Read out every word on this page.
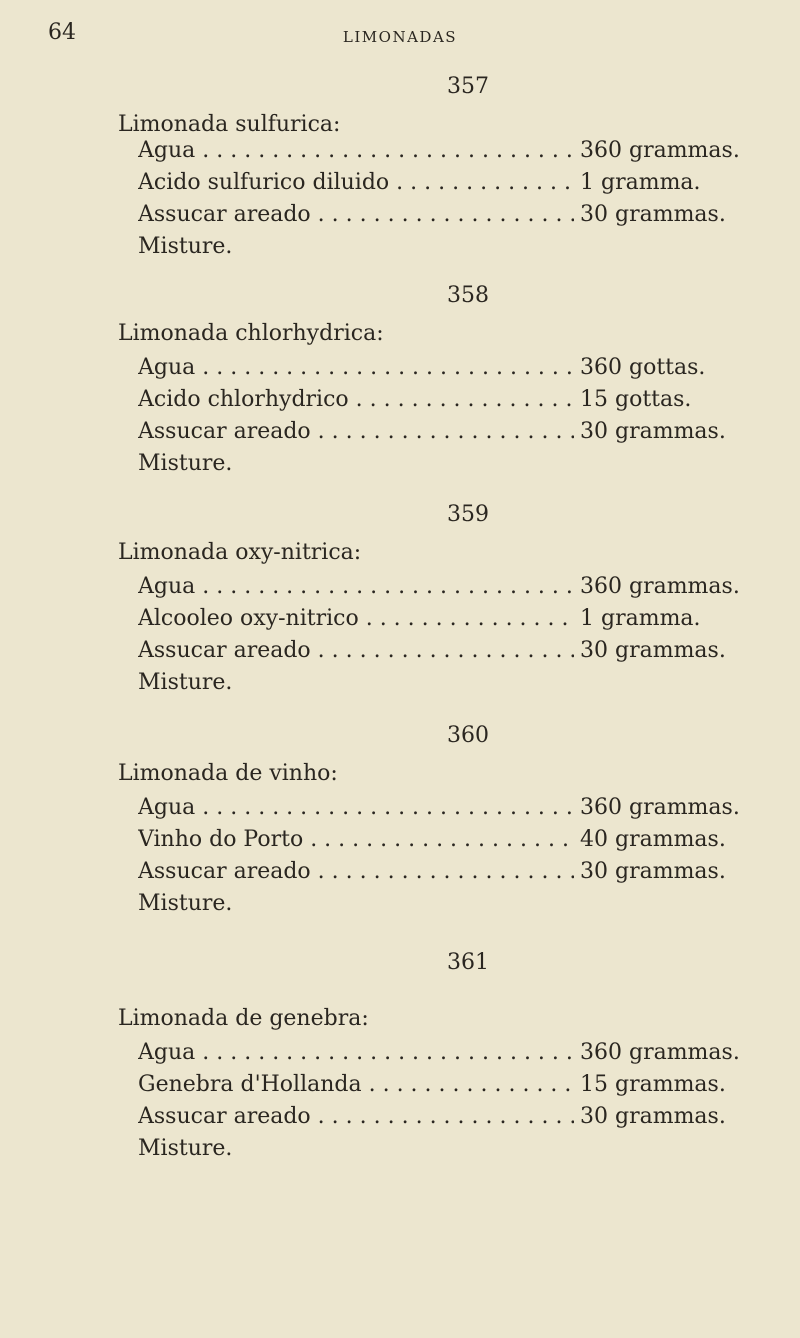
64	LIMONADAS
357
Limonada sulfurica:
Agua . . .	360 grammas.
Acido sulfurico diluido . . .	1 gramma.
Assucar areado . . .	30 grammas.
Misture.
358
Limonada chlorhydrica:
Agua . . .	360 gottas.
Acido chlorhydrico . . .	15 gottas.
Assucar areado . . .	30 grammas.
Misture.
359
Limonada oxy-nitrica:
Agua . . .	360 grammas.
Alcooleo oxy-nitrico . . .	1 gramma.
Assucar areado . . .	30 grammas.
Misture.
360
Limonada de vinho:
Agua . . .	360 grammas.
Vinho do Porto . . .	40 grammas.
Assucar areado . . .	30 grammas.
Misture.
361
Limonada de genebra:
Agua . . .	360 grammas.
Genebra d'Hollanda . . .	15 grammas.
Assucar areado . . .	30 grammas.
Misture.
